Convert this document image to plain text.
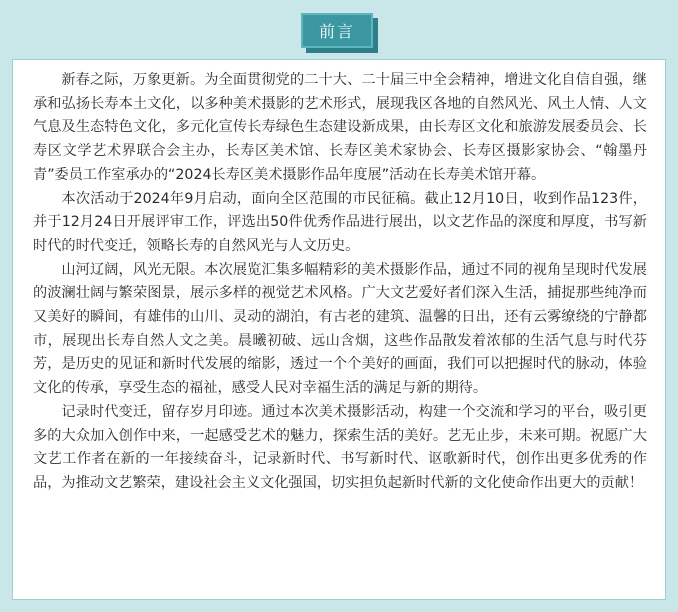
前言

新春之际，万象更新。为全面贯彻党的二十大、二十届三中全会精神，增进文化自信自强，继承和弘扬长寿本土文化，以多种美术摄影的艺术形式，展现我区各地的自然风光、风土人情、人文气息及生态特色文化，多元化宣传长寿绿色生态建设新成果，由长寿区文化和旅游发展委员会、长寿区文学艺术界联合会主办，长寿区美术馆、长寿区美术家协会、长寿区摄影家协会、“翰墨丹青”委员工作室承办的“2024长寿区美术摄影作品年度展”活动在长寿美术馆开幕。

本次活动于2024年9月启动，面向全区范围的市民征稿。截止12月10日，收到作品123件，并于12月24日开展评审工作，评选出50件优秀作品进行展出，以文艺作品的深度和厚度，书写新时代的时代变迁，领略长寿的自然风光与人文历史。

山河辽阔，风光无限。本次展览汇集多幅精彩的美术摄影作品，通过不同的视角呈现时代发展的波澜壮阔与繁荣图景，展示多样的视觉艺术风格。广大文艺爱好者们深入生活，捕捉那些纯净而又美好的瞬间，有雄伟的山川、灵动的湖泊，有古老的建筑、温馨的日出，还有云雾缭绕的宁静都市，展现出长寿自然人文之美。晨曦初破、远山含烟，这些作品散发着浓郁的生活气息与时代芬芳，是历史的见证和新时代发展的缩影，透过一个个美好的画面，我们可以把握时代的脉动，体验文化的传承，享受生态的福祉，感受人民对幸福生活的满足与新的期待。

记录时代变迁，留存岁月印迹。通过本次美术摄影活动，构建一个交流和学习的平台，吸引更多的大众加入创作中来，一起感受艺术的魅力，探索生活的美好。艺无止步，未来可期。祝愿广大文艺工作者在新的一年接续奋斗，记录新时代、书写新时代、讴歌新时代，创作出更多优秀的作品，为推动文艺繁荣，建设社会主义文化强国，切实担负起新时代新的文化使命作出更大的贡献！
